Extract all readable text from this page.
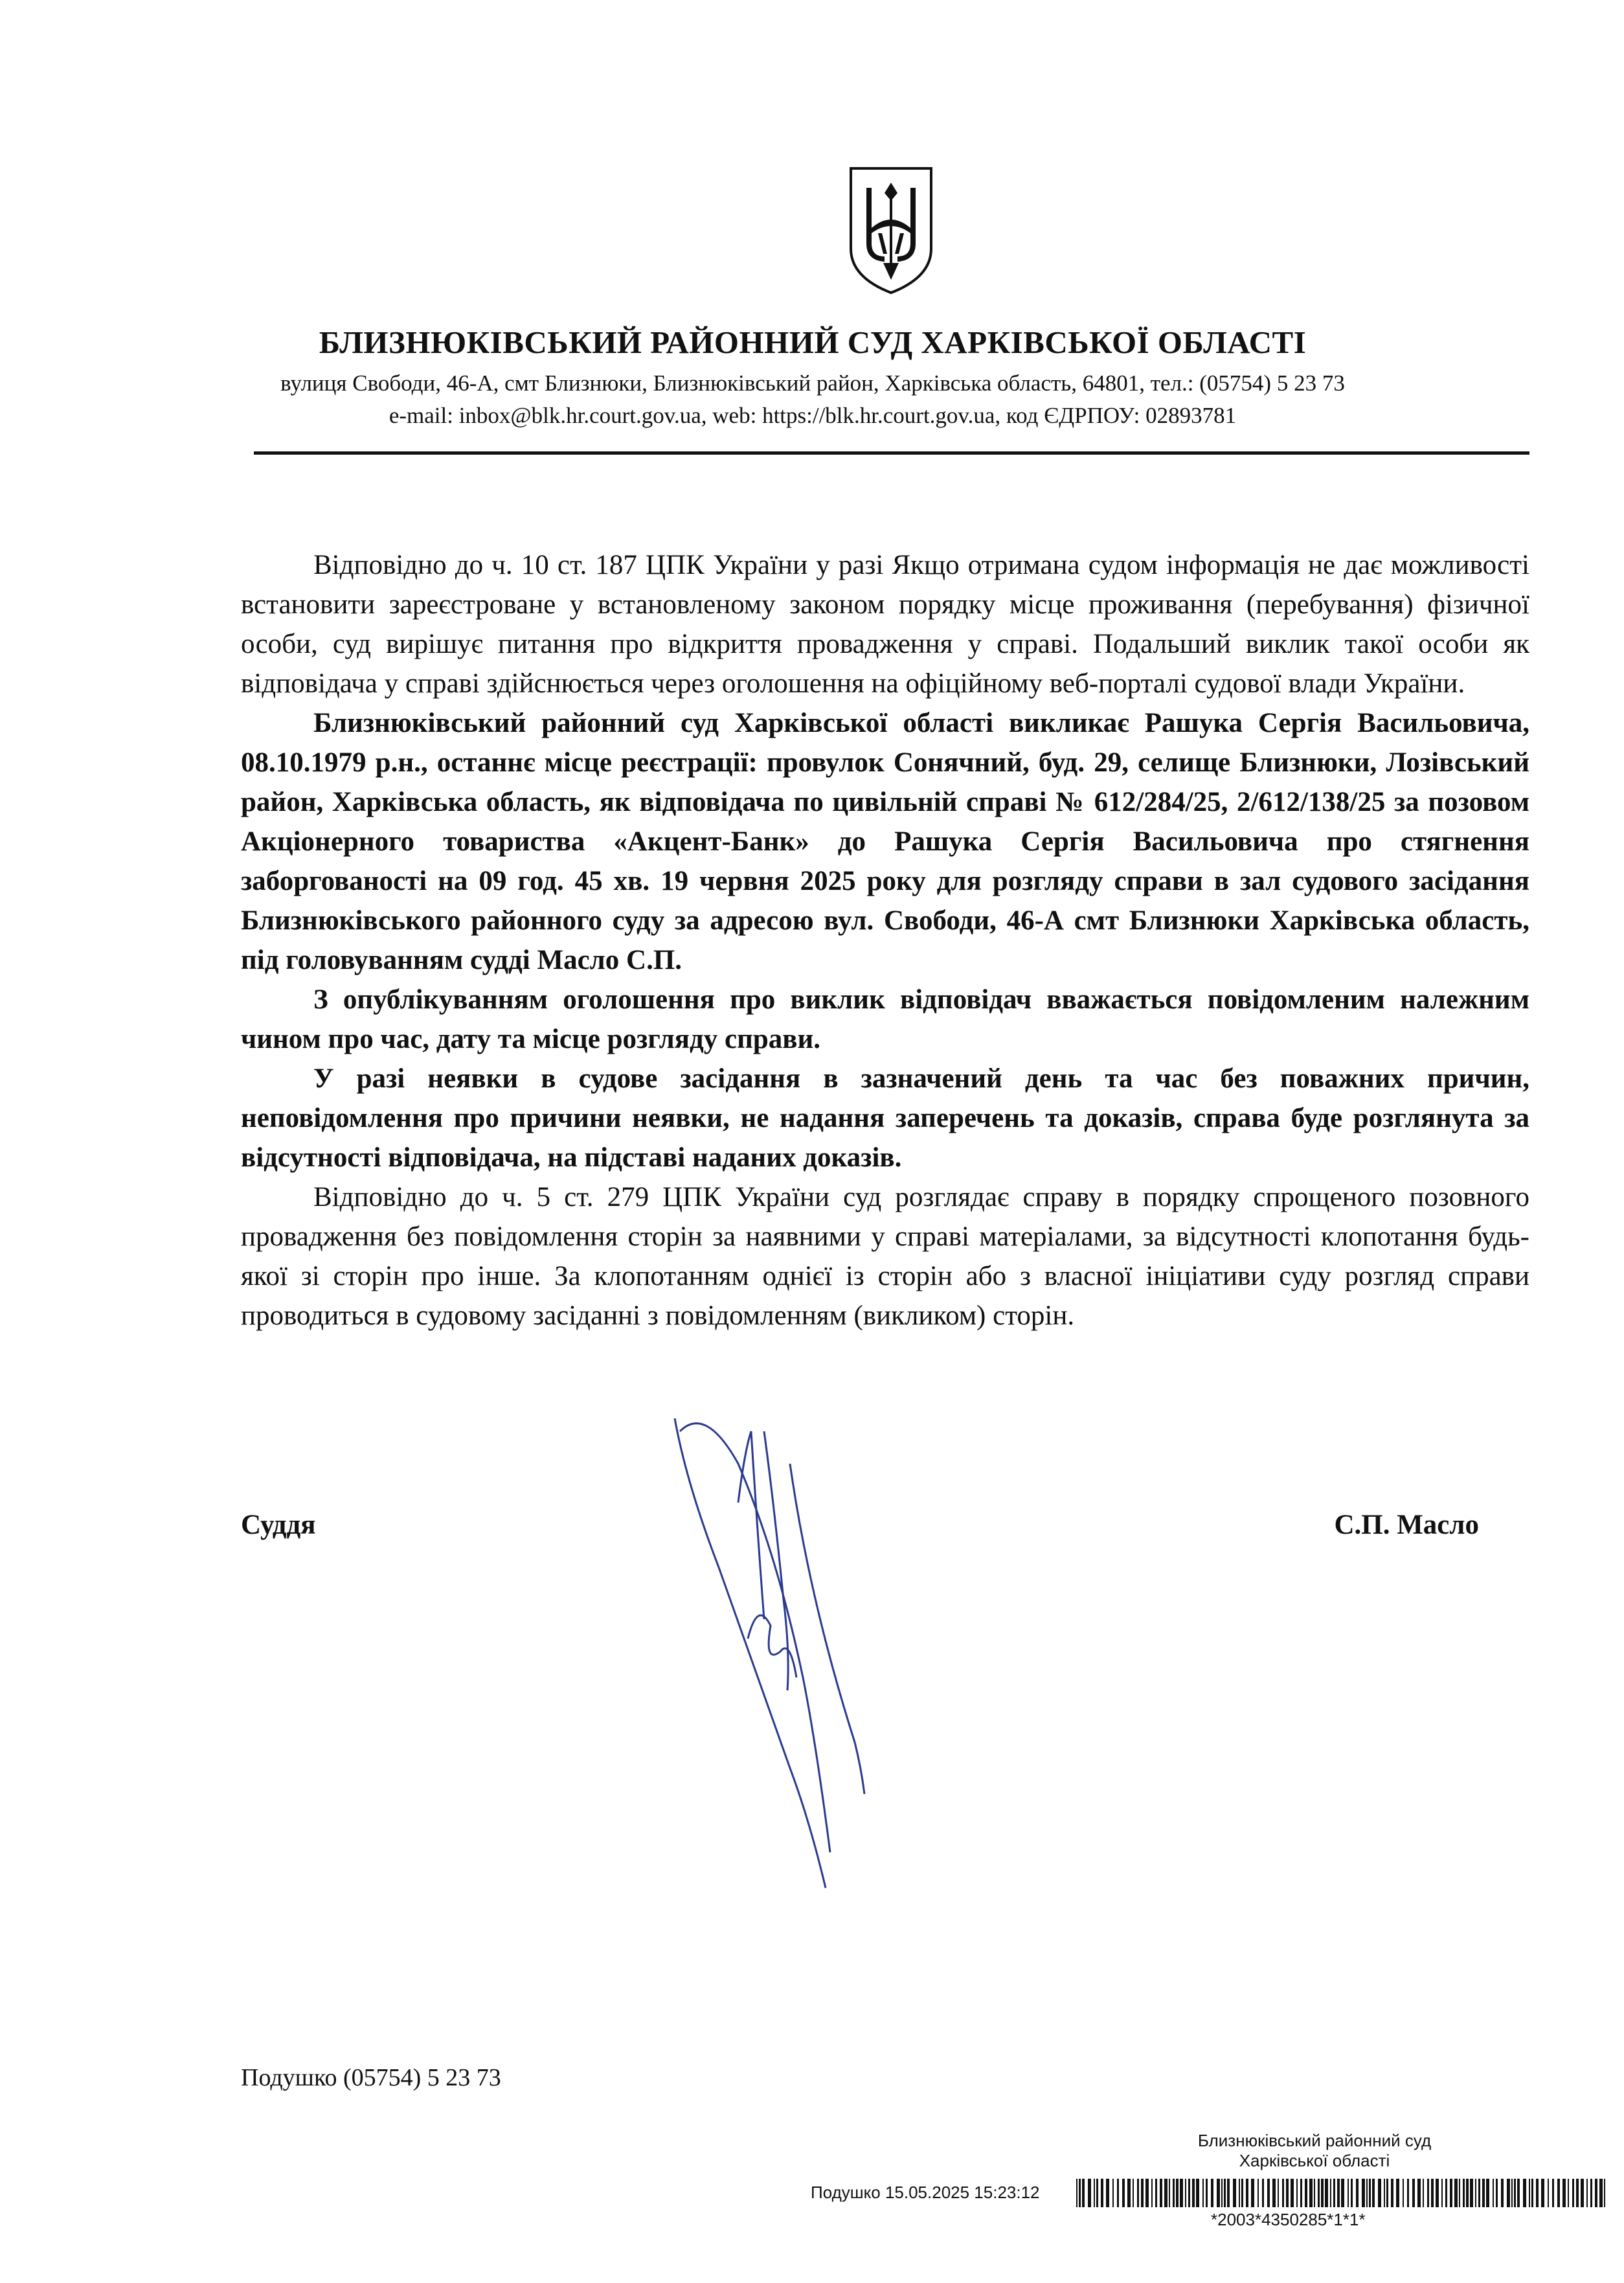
БЛИЗНЮКІВСЬКИЙ РАЙОННИЙ СУД ХАРКІВСЬКОЇ ОБЛАСТІ
вулиця Свободи, 46-А, смт Близнюки, Близнюківський район, Харківська область, 64801, тел.: (05754) 5 23 73
e-mail: inbox@blk.hr.court.gov.ua, web: https://blk.hr.court.gov.ua, код ЄДРПОУ: 02893781

Відповідно до ч. 10 ст. 187 ЦПК України у разі Якщо отримана судом інформація не дає можливості встановити зареєстроване у встановленому законом порядку місце проживання (перебування) фізичної особи, суд вирішує питання про відкриття провадження у справі. Подальший виклик такої особи як відповідача у справі здійснюється через оголошення на офіційному веб-порталі судової влади України.

Близнюківський районний суд Харківської області викликає Рашука Сергія Васильовича, 08.10.1979 р.н., останнє місце реєстрації: провулок Сонячний, буд. 29, селище Близнюки, Лозівський район, Харківська область, як відповідача по цивільній справі № 612/284/25, 2/612/138/25 за позовом Акціонерного товариства «Акцент-Банк» до Рашука Сергія Васильовича про стягнення заборгованості на 09 год. 45 хв. 19 червня 2025 року для розгляду справи в зал судового засідання Близнюківського районного суду за адресою вул. Свободи, 46-А смт Близнюки Харківська область, під головуванням судді Масло С.П.

З опублікуванням оголошення про виклик відповідач вважається повідомленим належним чином про час, дату та місце розгляду справи.

У разі неявки в судове засідання в зазначений день та час без поважних причин, неповідомлення про причини неявки, не надання заперечень та доказів, справа буде розглянута за відсутності відповідача, на підставі наданих доказів.

Відповідно до ч. 5 ст. 279 ЦПК України суд розглядає справу в порядку спрощеного позовного провадження без повідомлення сторін за наявними у справі матеріалами, за відсутності клопотання будь-якої зі сторін про інше. За клопотанням однієї із сторін або з власної ініціативи суду розгляд справи проводиться в судовому засіданні з повідомленням (викликом) сторін.

Суддя	С.П. Масло
Подушко (05754) 5 23 73
Близнюківський районний суд
Харківської області
Подушко 15.05.2025 15:23:12
*2003*4350285*1*1*
